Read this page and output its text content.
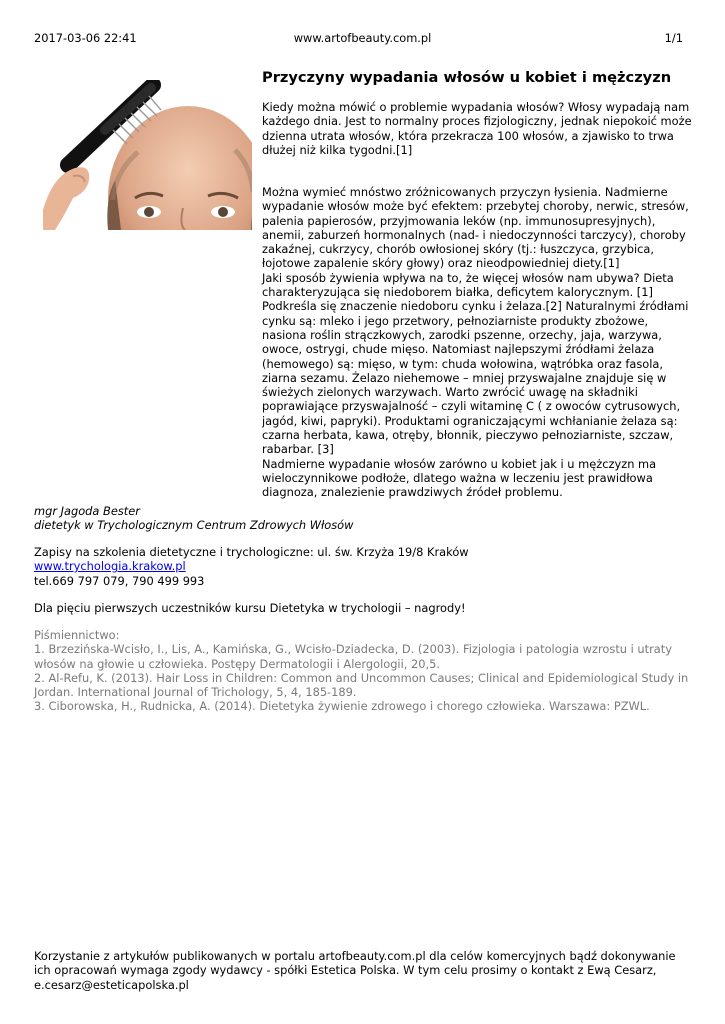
2017-03-06 22:41	www.artofbeauty.com.pl	1/1
Przyczyny wypadania włosów u kobiet i mężczyzn
Kiedy można mówić o problemie wypadania włosów? Włosy wypadają nam każdego dnia. Jest to normalny proces fizjologiczny, jednak niepokoić może dzienna utrata włosów, która przekracza 100 włosów, a zjawisko to trwa dłużej niż kilka tygodni.[1]
Można wymieć mnóstwo zróżnicowanych przyczyn łysienia. Nadmierne wypadanie włosów może być efektem: przebytej choroby, nerwic, stresów, palenia papierosów, przyjmowania leków (np. immunosupresyjnych), anemii, zaburzeń hormonalnych (nad- i niedoczynności tarczycy), choroby zakaźnej, cukrzycy, chorób owłosionej skóry (tj.: łuszczyca, grzybica, łojotowe zapalenie skóry głowy) oraz nieodpowiedniej diety.[1]
Jaki sposób żywienia wpływa na to, że więcej włosów nam ubywa? Dieta charakteryzująca się niedoborem białka, deficytem kalorycznym. [1] Podkreśla się znaczenie niedoboru cynku i żelaza.[2] Naturalnymi źródłami cynku są: mleko i jego przetwory, pełnoziarniste produkty zbożowe, nasiona roślin strączkowych, zarodki pszenne, orzechy, jaja, warzywa, owoce, ostrygi, chude mięso. Natomiast najlepszymi źródłami żelaza (hemowego) są: mięso, w tym: chuda wołowina, wątróbka oraz fasola, ziarna sezamu. Żelazo niehemowe – mniej przyswajalne znajduje się w świeżych zielonych warzywach. Warto zwrócić uwagę na składniki poprawiające przyswajalność – czyli witaminę C ( z owoców cytrusowych, jagód, kiwi, papryki). Produktami ograniczającymi wchłanianie żelaza są: czarna herbata, kawa, otręby, błonnik, pieczywo pełnoziarniste, szczaw, rabarbar. [3]
Nadmierne wypadanie włosów zarówno u kobiet jak i u mężczyzn ma wieloczynnikowe podłoże, dlatego ważna w leczeniu jest prawidłowa diagnoza, znalezienie prawdziwych źródeł problemu.
mgr Jagoda Bester
dietetyk w Trychologicznym Centrum Zdrowych Włosów
Zapisy na szkolenia dietetyczne i trychologiczne: ul. św. Krzyża 19/8 Kraków
www.trychologia.krakow.pl
tel.669 797 079, 790 499 993
Dla pięciu pierwszych uczestników kursu Dietetyka w trychologii – nagrody!
Piśmiennictwo:
1. Brzezińska-Wcisło, I., Lis, A., Kamińska, G., Wcisło-Dziadecka, D. (2003). Fizjologia i patologia wzrostu i utraty włosów na głowie u człowieka. Postępy Dermatologii i Alergologii, 20,5.
2. Al-Refu, K. (2013). Hair Loss in Children: Common and Uncommon Causes; Clinical and Epidemiological Study in Jordan. International Journal of Trichology, 5, 4, 185-189.
3. Ciborowska, H., Rudnicka, A. (2014). Dietetyka żywienie zdrowego i chorego człowieka. Warszawa: PZWL.
Korzystanie z artykułów publikowanych w portalu artofbeauty.com.pl dla celów komercyjnych bądź dokonywanie ich opracowań wymaga zgody wydawcy - spółki Estetica Polska. W tym celu prosimy o kontakt z Ewą Cesarz, e.cesarz@esteticapolska.pl
